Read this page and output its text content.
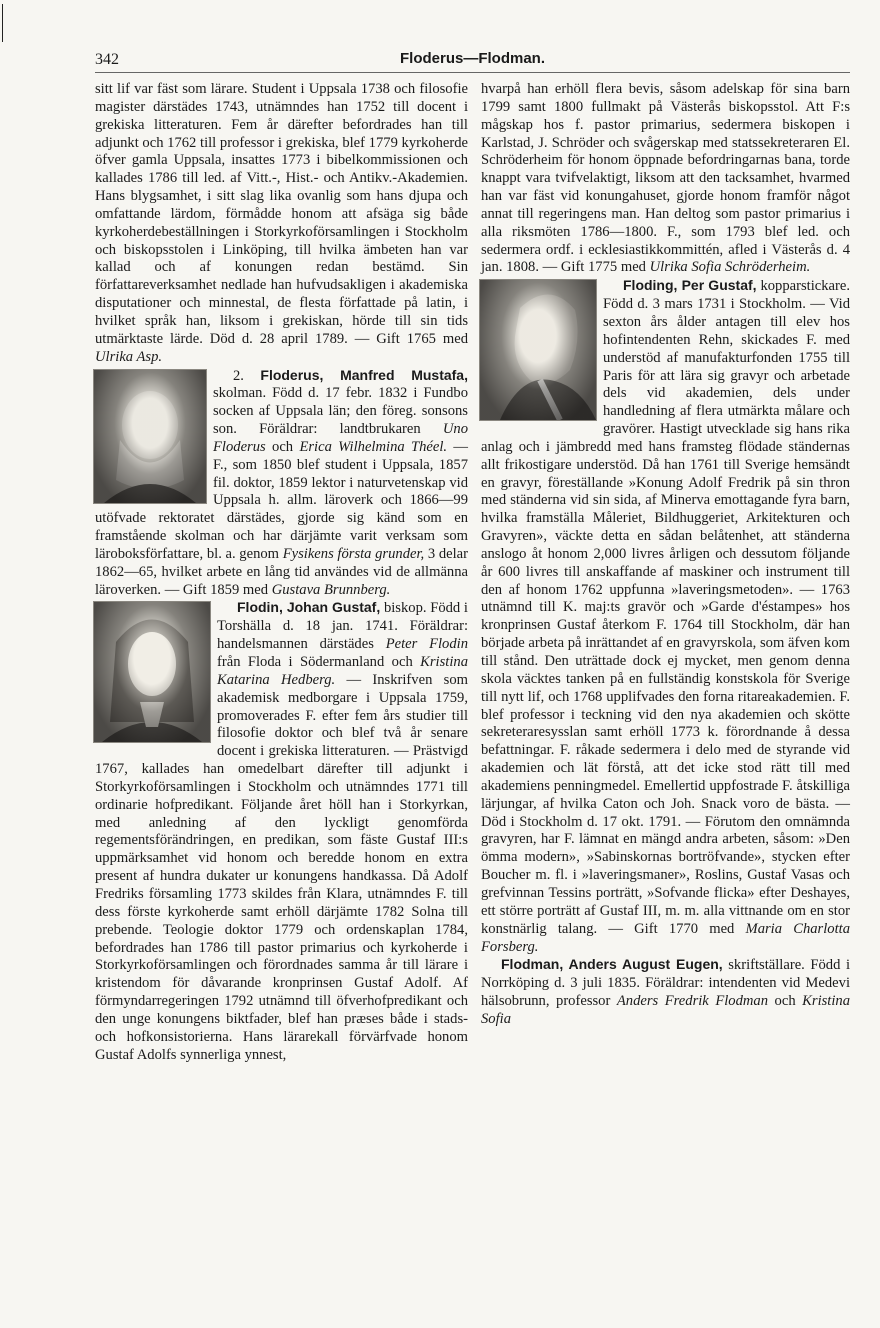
342	Floderus—Flodman.

sitt lif var fäst som lärare. Student i Uppsala 1738 och filosofie magister därstädes 1743, utnämndes han 1752 till docent i grekiska litteraturen. Fem år därefter befordrades han till adjunkt och 1762 till professor i grekiska, blef 1779 kyrkoherde öfver gamla Uppsala, insattes 1773 i bibelkommissionen och kallades 1786 till led. af Vitt.-, Hist.- och Antikv.-Akademien. Hans blygsamhet, i sitt slag lika ovanlig som hans djupa och omfattande lärdom, förmådde honom att afsäga sig både kyrkoherdebeställningen i Storkyrkoförsamlingen i Stockholm och biskopsstolen i Linköping, till hvilka ämbeten han var kallad och af konungen redan bestämd. Sin författareverksamhet nedlade han hufvudsakligen i akademiska disputationer och minnestal, de flesta författade på latin, i hvilket språk han, liksom i grekiskan, hörde till sin tids utmärktaste lärde. Död d. 28 april 1789. — Gift 1765 med Ulrika Asp.

2. Floderus, Manfred Mustafa,
skolman. Född d. 17 febr. 1832 i Fundbo socken af Uppsala län; den föreg. sonsons son. Föräldrar: landtbrukaren Uno Floderus och Erica Wilhelmina Théel. — F., som 1850 blef student i Uppsala, 1857 fil. doktor, 1859 lektor i naturvetenskap vid Uppsala h. allm. läroverk och 1866—99 utöfvade rektoratet därstädes, gjorde sig känd som en framstående skolman och har därjämte varit verksam som läroboksförfattare, bl. a. genom Fysikens första grunder, 3 delar 1862—65, hvilket arbete en lång tid användes vid de allmänna läroverken. — Gift 1859 med Gustava Brunnberg.

Flodin, Johan Gustaf,
biskop. Född i Torshälla d. 18 jan. 1741. Föräldrar: handelsmannen därstädes Peter Flodin från Floda i Södermanland och Kristina Katarina Hedberg. — Inskrifven som akademisk medborgare i Uppsala 1759, promoverades F. efter fem års studier till filosofie doktor och blef två år senare docent i grekiska litteraturen. — Prästvigd 1767, kallades han omedelbart därefter till adjunkt i Storkyrkoförsamlingen i Stockholm och utnämndes 1771 till ordinarie hofpredikant. Följande året höll han i Storkyrkan, med anledning af den lyckligt genomförda regementsförändringen, en predikan, som fäste Gustaf III:s uppmärksamhet vid honom och beredde honom en extra present af hundra dukater ur konungens handkassa. Då Adolf Fredriks församling 1773 skildes från Klara, utnämndes F. till dess förste kyrkoherde samt erhöll därjämte 1782 Solna till prebende. Teologie doktor 1779 och ordenskaplan 1784, befordrades han 1786 till pastor primarius och kyrkoherde i Storkyrkoförsamlingen och förordnades samma år till lärare i kristendom för dåvarande kronprinsen Gustaf Adolf. Af förmyndarregeringen 1792 utnämnd till öfverhofpredikant och den unge konungens biktfader, blef han præses både i stads- och hofkonsistorierna. Hans lärarekall förvärfvade honom Gustaf Adolfs synnerliga ynnest,

hvarpå han erhöll flera bevis, såsom adelskap för sina barn 1799 samt 1800 fullmakt på Västerås biskopsstol. Att F:s mågskap hos f. pastor primarius, sedermera biskopen i Karlstad, J. Schröder och svågerskap med statssekreteraren El. Schröderheim för honom öppnade befordringarnas bana, torde knappt vara tvifvelaktigt, liksom att den tacksamhet, hvarmed han var fäst vid konungahuset, gjorde honom framför något annat till regeringens man. Han deltog som pastor primarius i alla riksmöten 1786—1800. F., som 1793 blef led. och sedermera ordf. i ecklesiastikkommittén, afled i Västerås d. 4 jan. 1808. — Gift 1775 med Ulrika Sofia Schröderheim.

Floding, Per Gustaf,
kopparstickare. Född d. 3 mars 1731 i Stockholm. — Vid sexton års ålder antagen till elev hos hofintendenten Rehn, skickades F. med understöd af manufakturfonden 1755 till Paris för att lära sig gravyr och arbetade dels vid akademien, dels under handledning af flera utmärkta målare och gravörer. Hastigt utvecklade sig hans rika anlag och i jämbredd med hans framsteg flödade ständernas allt frikostigare understöd. Då han 1761 till Sverige hemsändt en gravyr, föreställande »Konung Adolf Fredrik på sin thron med ständerna vid sin sida, af Minerva emottagande fyra barn, hvilka framställa Måleriet, Bildhuggeriet, Arkitekturen och Gravyren», väckte detta en sådan belåtenhet, att ständerna anslogo åt honom 2,000 livres årligen och dessutom följande år 600 livres till anskaffande af maskiner och instrument till den af honom 1762 uppfunna »laveringsmetoden». — 1763 utnämnd till K. maj:ts gravör och »Garde d'éstampes» hos kronprinsen Gustaf återkom F. 1764 till Stockholm, där han började arbeta på inrättandet af en gravyrskola, som äfven kom till stånd. Den uträttade dock ej mycket, men genom denna skola väcktes tanken på en fullständig konstskola för Sverige till nytt lif, och 1768 upplifvades den forna ritareakademien. F. blef professor i teckning vid den nya akademien och skötte sekreteraresysslan samt erhöll 1773 k. förordnande å dessa befattningar. F. råkade sedermera i delo med de styrande vid akademien och lät förstå, att det icke stod rätt till med akademiens penningmedel. Emellertid uppfostrade F. åtskilliga lärjungar, af hvilka Caton och Joh. Snack voro de bästa. — Död i Stockholm d. 17 okt. 1791. — Förutom den omnämnda gravyren, har F. lämnat en mängd andra arbeten, såsom: »Den ömma modern», »Sabinskornas bortröfvande», stycken efter Boucher m. fl. i »laveringsmaner», Roslins, Gustaf Vasas och grefvinnan Tessins porträtt, »Sofvande flicka» efter Deshayes, ett större porträtt af Gustaf III, m. m. alla vittnande om en stor konstnärlig talang. — Gift 1770 med Maria Charlotta Forsberg.

Flodman, Anders August Eugen, skriftställare. Född i Norrköping d. 3 juli 1835. Föräldrar: intendenten vid Medevi hälsobrunn, professor Anders Fredrik Flodman och Kristina Sofia
